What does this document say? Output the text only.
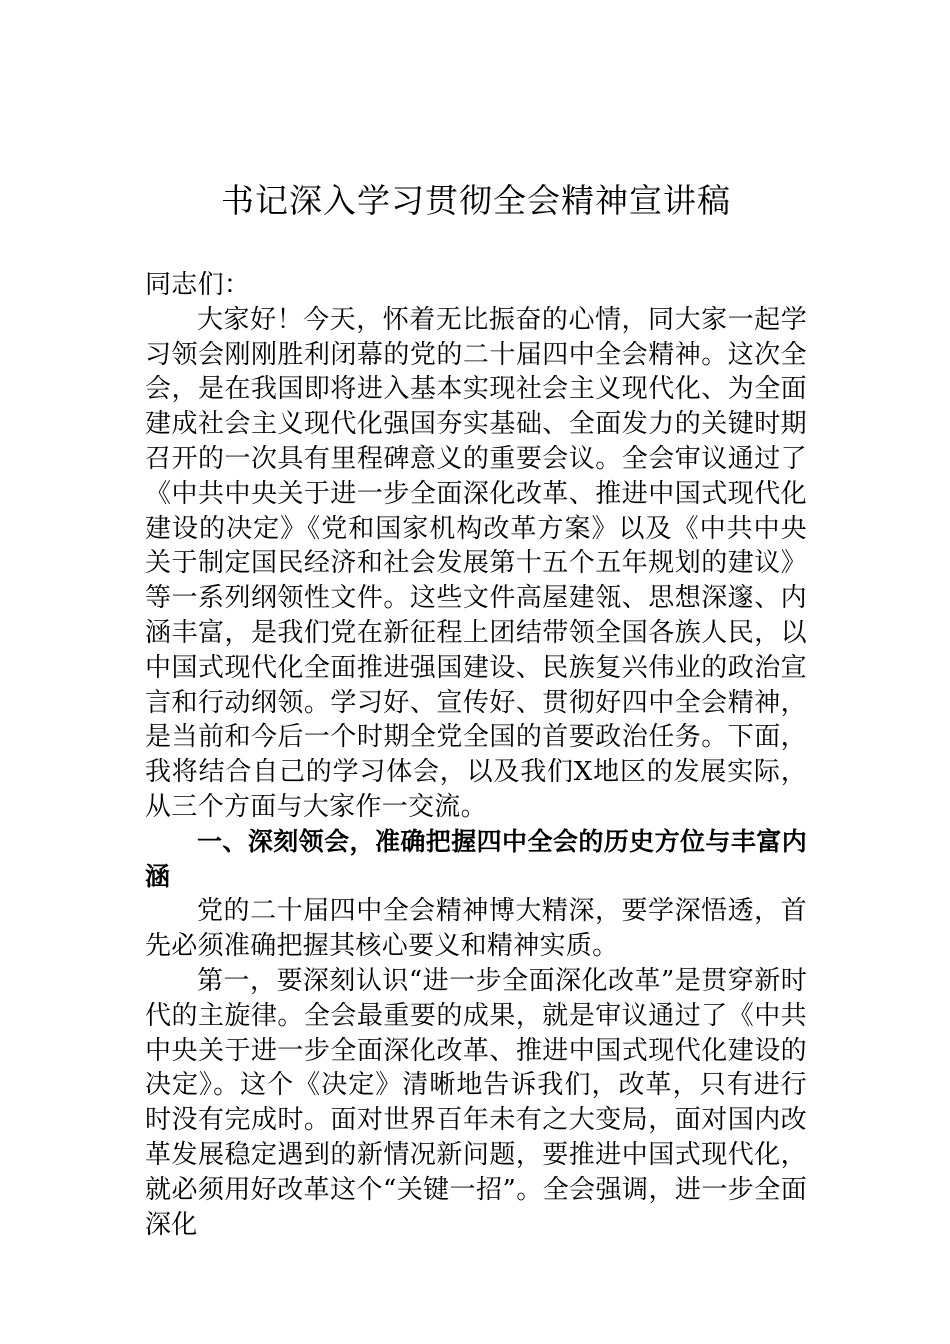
书记深入学习贯彻全会精神宣讲稿

同志们：

大家好！今天，怀着无比振奋的心情，同大家一起学习领会刚刚胜利闭幕的党的二十届四中全会精神。这次全会，是在我国即将进入基本实现社会主义现代化、为全面建成社会主义现代化强国夯实基础、全面发力的关键时期召开的一次具有里程碑意义的重要会议。全会审议通过了《中共中央关于进一步全面深化改革、推进中国式现代化建设的决定》《党和国家机构改革方案》以及《中共中央关于制定国民经济和社会发展第十五个五年规划的建议》等一系列纲领性文件。这些文件高屋建瓴、思想深邃、内涵丰富，是我们党在新征程上团结带领全国各族人民，以中国式现代化全面推进强国建设、民族复兴伟业的政治宣言和行动纲领。学习好、宣传好、贯彻好四中全会精神，是当前和今后一个时期全党全国的首要政治任务。下面，我将结合自己的学习体会，以及我们X地区的发展实际，从三个方面与大家作一交流。

一、深刻领会，准确把握四中全会的历史方位与丰富内涵

党的二十届四中全会精神博大精深，要学深悟透，首先必须准确把握其核心要义和精神实质。

第一，要深刻认识“进一步全面深化改革”是贯穿新时代的主旋律。全会最重要的成果，就是审议通过了《中共中央关于进一步全面深化改革、推进中国式现代化建设的决定》。这个《决定》清晰地告诉我们，改革，只有进行时没有完成时。面对世界百年未有之大变局，面对国内改革发展稳定遇到的新情况新问题，要推进中国式现代化，就必须用好改革这个“关键一招”。全会强调，进一步全面深化
